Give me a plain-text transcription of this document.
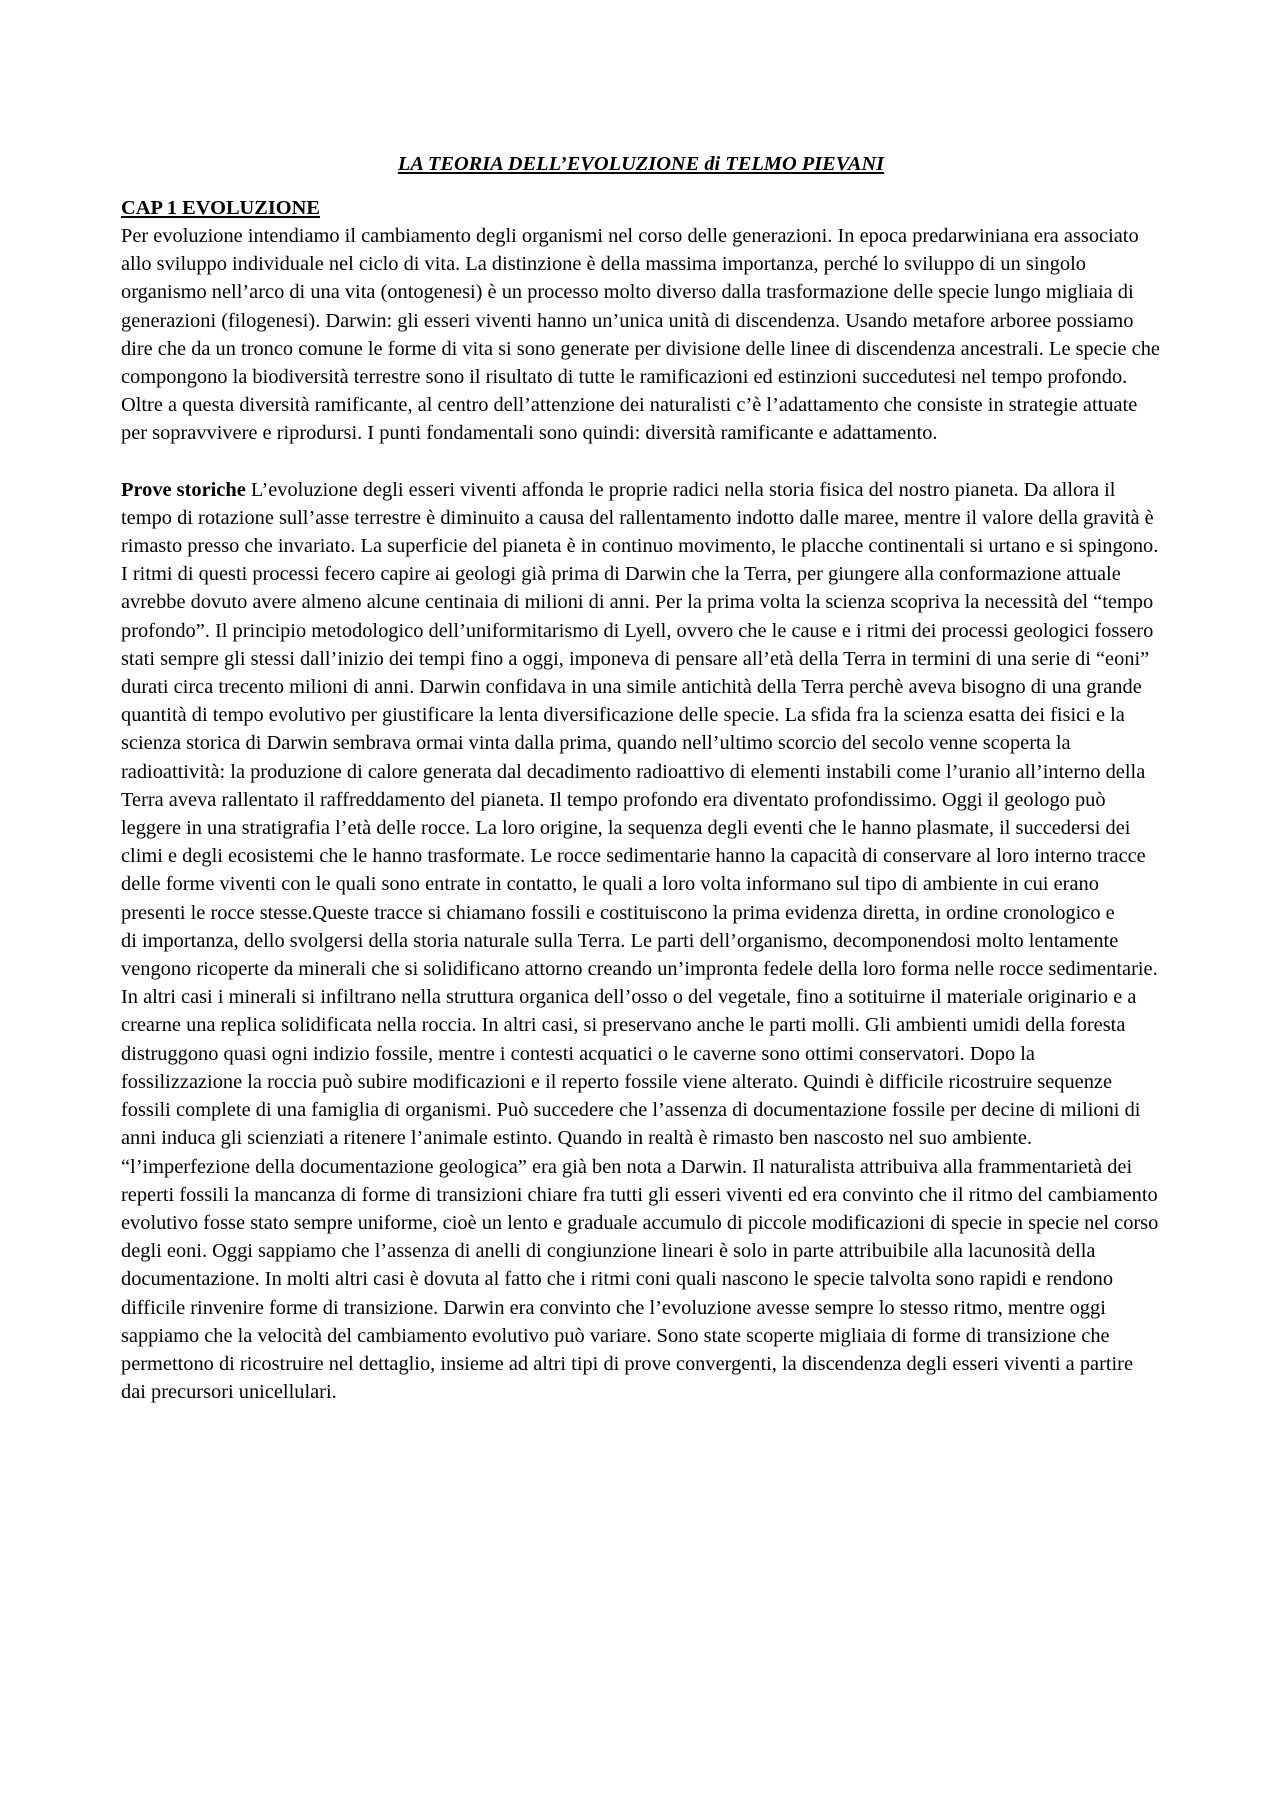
LA TEORIA DELL’EVOLUZIONE di TELMO PIEVANI

CAP 1 EVOLUZIONE

Per evoluzione intendiamo il cambiamento degli organismi nel corso delle generazioni. In epoca predarwiniana era associato allo sviluppo individuale nel ciclo di vita. La distinzione è della massima importanza, perché lo sviluppo di un singolo organismo nell’arco di una vita (ontogenesi) è un processo molto diverso dalla trasformazione delle specie lungo migliaia di generazioni (filogenesi). Darwin: gli esseri viventi hanno un’unica unità di discendenza. Usando metafore arboree possiamo dire che da un tronco comune le forme di vita si sono generate per divisione delle linee di discendenza ancestrali. Le specie che compongono la biodiversità terrestre sono il risultato di tutte le ramificazioni ed estinzioni succedutesi nel tempo profondo. Oltre a questa diversità ramificante, al centro dell’attenzione dei naturalisti c’è l’adattamento che consiste in strategie attuate per sopravvivere e riprodursi. I punti fondamentali sono quindi: diversità ramificante e adattamento.

Prove storiche L’evoluzione degli esseri viventi affonda le proprie radici nella storia fisica del nostro pianeta. Da allora il tempo di rotazione sull’asse terrestre è diminuito a causa del rallentamento indotto dalle maree, mentre il valore della gravità è rimasto presso che invariato. La superficie del pianeta è in continuo movimento, le placche continentali si urtano e si spingono. I ritmi di questi processi fecero capire ai geologi già prima di Darwin che la Terra, per giungere alla conformazione attuale avrebbe dovuto avere almeno alcune centinaia di milioni di anni. Per la prima volta la scienza scopriva la necessità del “tempo profondo”. Il principio metodologico dell’uniformitarismo di Lyell, ovvero che le cause e i ritmi dei processi geologici fossero stati sempre gli stessi dall’inizio dei tempi fino a oggi, imponeva di pensare all’età della Terra in termini di una serie di “eoni” durati circa trecento milioni di anni. Darwin confidava in una simile antichità della Terra perchè aveva bisogno di una grande quantità di tempo evolutivo per giustificare la lenta diversificazione delle specie. La sfida fra la scienza esatta dei fisici e la scienza storica di Darwin sembrava ormai vinta dalla prima, quando nell’ultimo scorcio del secolo venne scoperta la radioattività: la produzione di calore generata dal decadimento radioattivo di elementi instabili come l’uranio all’interno della Terra aveva rallentato il raffreddamento del pianeta. Il tempo profondo era diventato profondissimo. Oggi il geologo può leggere in una stratigrafia l’età delle rocce. La loro origine, la sequenza degli eventi che le hanno plasmate, il succedersi dei climi e degli ecosistemi che le hanno trasformate. Le rocce sedimentarie hanno la capacità di conservare al loro interno tracce delle forme viventi con le quali sono entrate in contatto, le quali a loro volta informano sul tipo di ambiente in cui erano presenti le rocce stesse.Queste tracce si chiamano fossili e costituiscono la prima evidenza diretta, in ordine cronologico e

di importanza, dello svolgersi della storia naturale sulla Terra. Le parti dell’organismo, decomponendosi molto lentamente vengono ricoperte da minerali che si solidificano attorno creando un’impronta fedele della loro forma nelle rocce sedimentarie. In altri casi i minerali si infiltrano nella struttura organica dell’osso o del vegetale, fino a sotituirne il materiale originario e a crearne una replica solidificata nella roccia. In altri casi, si preservano anche le parti molli. Gli ambienti umidi della foresta distruggono quasi ogni indizio fossile, mentre i contesti acquatici o le caverne sono ottimi conservatori. Dopo la fossilizzazione la roccia può subire modificazioni e il reperto fossile viene alterato. Quindi è difficile ricostruire sequenze fossili complete di una famiglia di organismi. Può succedere che l’assenza di documentazione fossile per decine di milioni di anni induca gli scienziati a ritenere l’animale estinto. Quando in realtà è rimasto ben nascosto nel suo ambiente. “l’imperfezione della documentazione geologica” era già ben nota a Darwin. Il naturalista attribuiva alla frammentarietà dei reperti fossili la mancanza di forme di transizioni chiare fra tutti gli esseri viventi ed era convinto che il ritmo del cambiamento evolutivo fosse stato sempre uniforme, cioè un lento e graduale accumulo di piccole modificazioni di specie in specie nel corso degli eoni. Oggi sappiamo che l’assenza di anelli di congiunzione lineari è solo in parte attribuibile alla lacunosità della documentazione. In molti altri casi è dovuta al fatto che i ritmi coni quali nascono le specie talvolta sono rapidi e rendono difficile rinvenire forme di transizione. Darwin era convinto che l’evoluzione avesse sempre lo stesso ritmo, mentre oggi sappiamo che la velocità del cambiamento evolutivo può variare. Sono state scoperte migliaia di forme di transizione che permettono di ricostruire nel dettaglio, insieme ad altri tipi di prove convergenti, la discendenza degli esseri viventi a partire dai precursori unicellulari.
